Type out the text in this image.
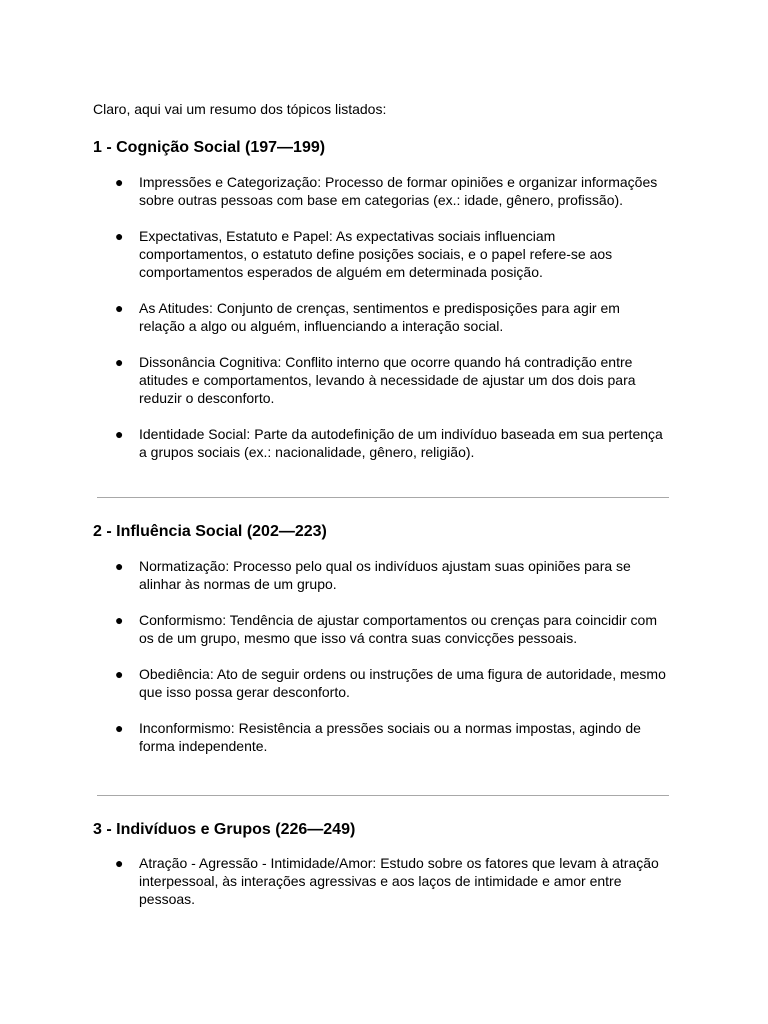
Claro, aqui vai um resumo dos tópicos listados:

1 - Cognição Social (197—199)
● Impressões e Categorização: Processo de formar opiniões e organizar informações
sobre outras pessoas com base em categorias (ex.: idade, gênero, profissão).
● Expectativas, Estatuto e Papel: As expectativas sociais influenciam
comportamentos, o estatuto define posições sociais, e o papel refere-se aos
comportamentos esperados de alguém em determinada posição.
● As Atitudes: Conjunto de crenças, sentimentos e predisposições para agir em
relação a algo ou alguém, influenciando a interação social.
● Dissonância Cognitiva: Conflito interno que ocorre quando há contradição entre
atitudes e comportamentos, levando à necessidade de ajustar um dos dois para
reduzir o desconforto.
● Identidade Social: Parte da autodefinição de um indivíduo baseada em sua pertença
a grupos sociais (ex.: nacionalidade, gênero, religião).
2 - Influência Social (202—223)
● Normatização: Processo pelo qual os indivíduos ajustam suas opiniões para se
alinhar às normas de um grupo.
● Conformismo: Tendência de ajustar comportamentos ou crenças para coincidir com
os de um grupo, mesmo que isso vá contra suas convicções pessoais.
● Obediência: Ato de seguir ordens ou instruções de uma figura de autoridade, mesmo
que isso possa gerar desconforto.
● Inconformismo: Resistência a pressões sociais ou a normas impostas, agindo de
forma independente.
3 - Indivíduos e Grupos (226—249)
● Atração - Agressão - Intimidade/Amor: Estudo sobre os fatores que levam à atração
interpessoal, às interações agressivas e aos laços de intimidade e amor entre
pessoas.
